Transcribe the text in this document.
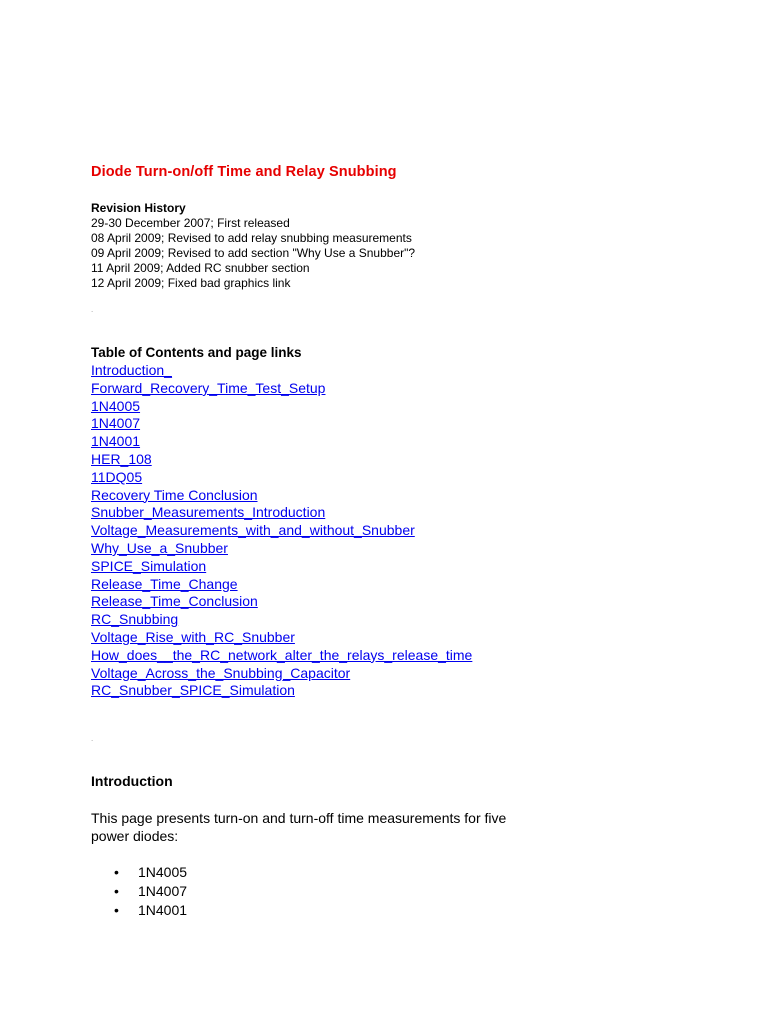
Diode Turn-on/off Time and Relay Snubbing
Revision History
29-30 December 2007; First released
08 April 2009; Revised to add relay snubbing measurements
09 April 2009; Revised to add section "Why Use a Snubber"?
11 April 2009; Added RC snubber section
12 April 2009; Fixed bad graphics link
.
Table of Contents and page links
Introduction_
Forward_Recovery_Time_Test_Setup
1N4005
1N4007
1N4001
HER_108
11DQ05
Recovery Time Conclusion
Snubber_Measurements_Introduction
Voltage_Measurements_with_and_without_Snubber
Why_Use_a_Snubber
SPICE_Simulation
Release_Time_Change
Release_Time_Conclusion
RC_Snubbing
Voltage_Rise_with_RC_Snubber
How_does__the_RC_network_alter_the_relays_release_time
Voltage_Across_the_Snubbing_Capacitor
RC_Snubber_SPICE_Simulation
.
Introduction

This page presents turn-on and turn-off time measurements for five power diodes:

• 1N4005
• 1N4007
• 1N4001
